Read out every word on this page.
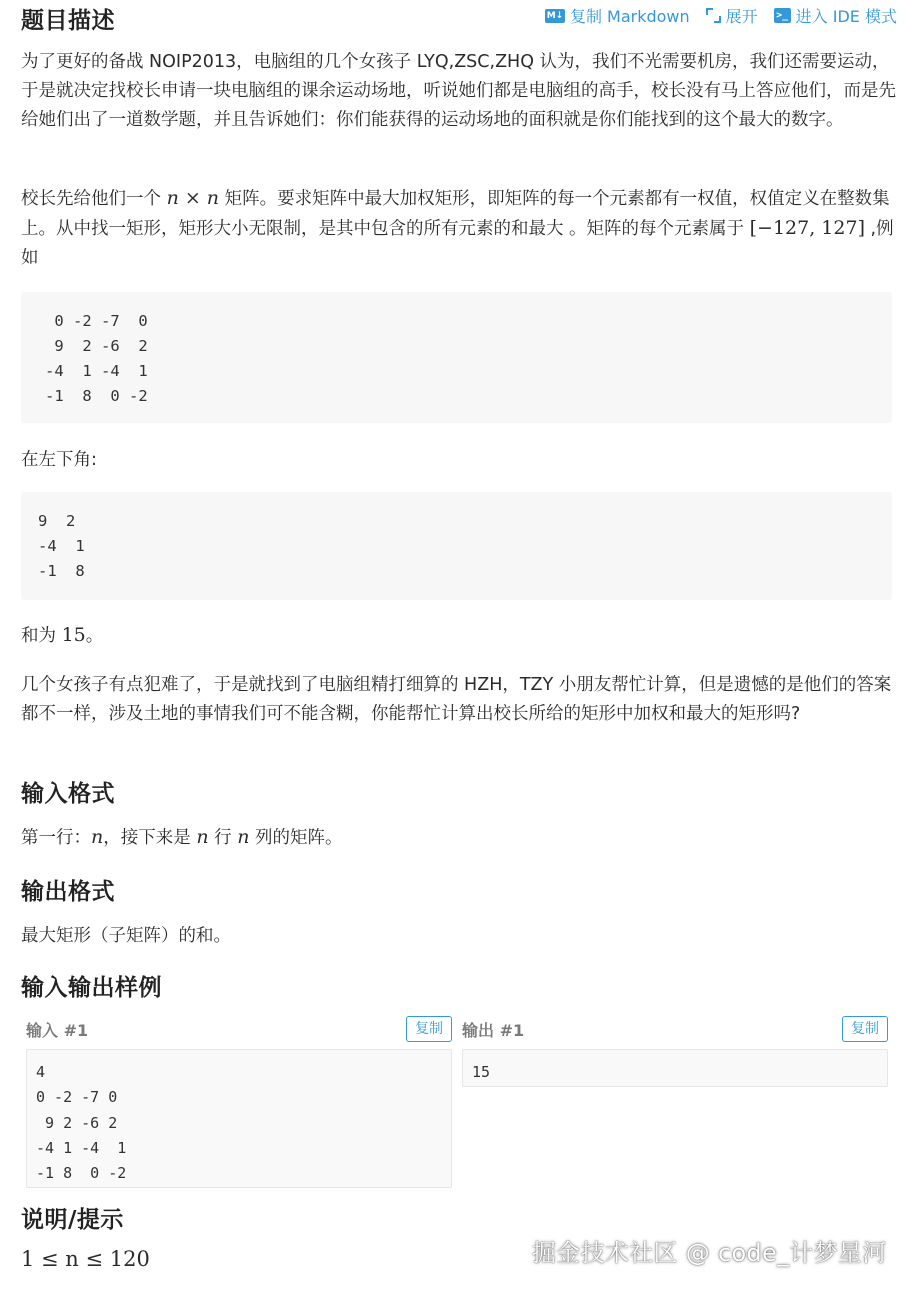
题目描述	M↓ 复制 Markdown 展开 >_ 进入 IDE 模式

为了更好的备战 NOIP2013，电脑组的几个女孩子 LYQ,ZSC,ZHQ 认为，我们不光需要机房，我们还需要运动，于是就决定找校长申请一块电脑组的课余运动场地，听说她们都是电脑组的高手，校长没有马上答应他们，而是先给她们出了一道数学题，并且告诉她们：你们能获得的运动场地的面积就是你们能找到的这个最大的数字。

校长先给他们一个 n × n 矩阵。要求矩阵中最大加权矩形，即矩阵的每一个元素都有一权值，权值定义在整数集上。从中找一矩形，矩形大小无限制，是其中包含的所有元素的和最大 。矩阵的每个元素属于 [−127, 127] ,例如

0 -2 -7  0
9  2 -6  2
-4  1 -4  1
-1  8  0 -2
在左下角:
9  2
-4  1
-1  8
和为 15。
几个女孩子有点犯难了，于是就找到了电脑组精打细算的 HZH，TZY 小朋友帮忙计算，但是遗憾的是他们的答案都不一样，涉及土地的事情我们可不能含糊，你能帮忙计算出校长所给的矩形中加权和最大的矩形吗?
输入格式
第一行：n，接下来是 n 行 n 列的矩阵。
输出格式
最大矩形（子矩阵）的和。
输入输出样例
输入 #1	复制
4
0 -2 -7 0
9 2 -6 2
-4 1 -4  1
-1 8  0 -2
输出 #1	复制
15
说明/提示
1 ≤ n ≤ 120	掘金技术社区 @ code_计梦星河
